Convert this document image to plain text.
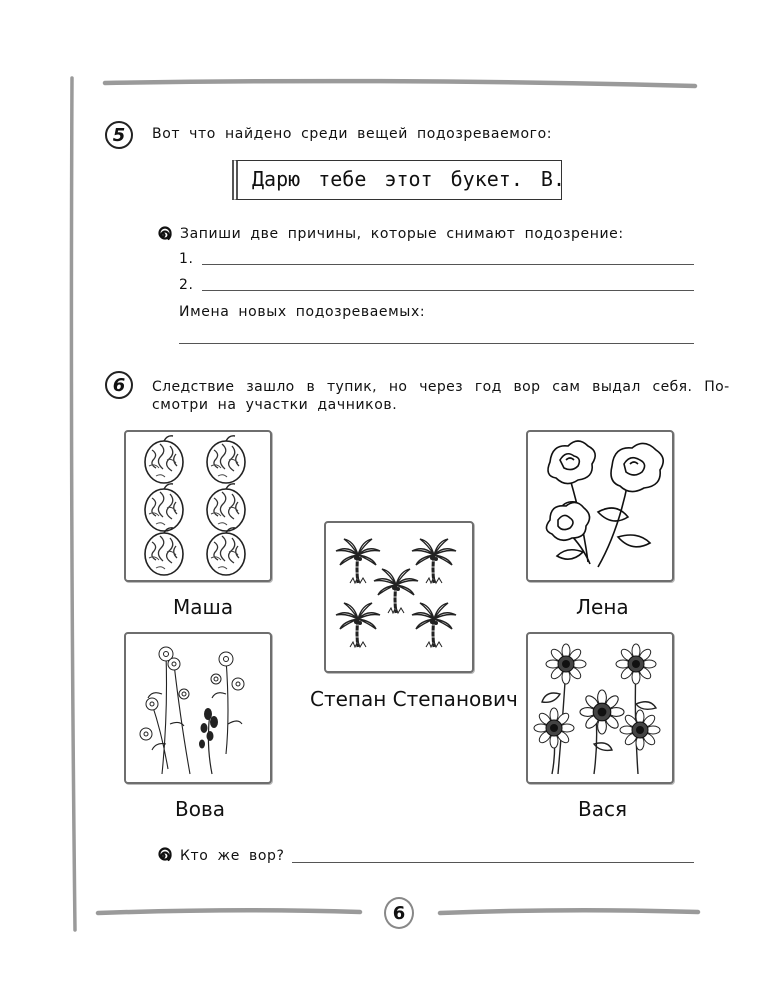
5	Вот что найдено среди вещей подозреваемого:
Дарю тебе этот букет. В.
Запиши две причины, которые снимают подозрение:
1.
2.
Имена новых подозреваемых:
6	Следствие зашло в тупик, но через год вор сам выдал себя. По-
смотри на участки дачников.
Маша	Лена
Степан Степанович
Вова	Вася
Кто же вор?
6
